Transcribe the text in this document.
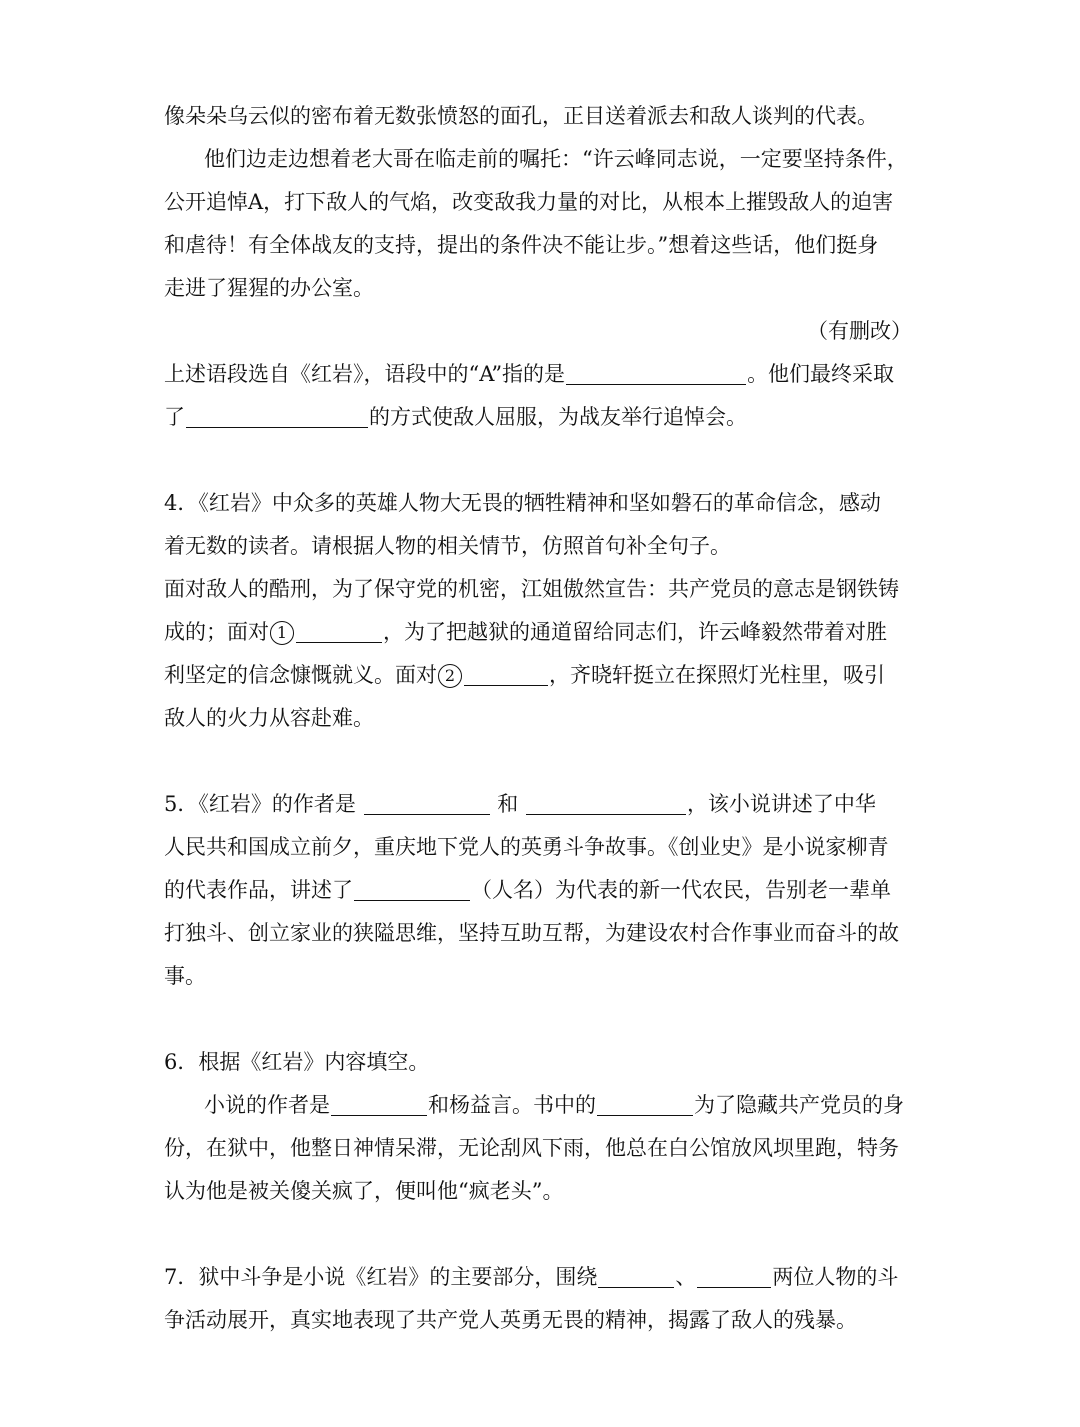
像朵朵乌云似的密布着无数张愤怒的面孔，正目送着派去和敌人谈判的代表。
他们边走边想着老大哥在临走前的嘱托：“许云峰同志说，一定要坚持条件，
公开追悼A，打下敌人的气焰，改变敌我力量的对比，从根本上摧毁敌人的迫害
和虐待！有全体战友的支持，提出的条件决不能让步。”想着这些话，他们挺身
走进了猩猩的办公室。
（有删改）
上述语段选自《红岩》，语段中的“A”指的是	。他们最终采取
了	的方式使敌人屈服，为战友举行追悼会。
4．《红岩》中众多的英雄人物大无畏的牺牲精神和坚如磐石的革命信念，感动
着无数的读者。请根据人物的相关情节，仿照首句补全句子。
面对敌人的酷刑，为了保守党的机密，江姐傲然宣告：共产党员的意志是钢铁铸
成的；面对 1	，为了把越狱的通道留给同志们，许云峰毅然带着对胜
利坚定的信念慷慨就义。面对 2	，齐晓轩挺立在探照灯光柱里，吸引
敌人的火力从容赴难。
5．《红岩》的作者是	和	，该小说讲述了中华
人民共和国成立前夕，重庆地下党人的英勇斗争故事。《创业史》是小说家柳青
的代表作品，讲述了	（人名）为代表的新一代农民，告别老一辈单
打独斗、创立家业的狭隘思维，坚持互助互帮，为建设农村合作事业而奋斗的故
事。
6．根据《红岩》内容填空。
小说的作者是	和杨益言。书中的	为了隐藏共产党员的身
份，在狱中，他整日神情呆滞，无论刮风下雨，他总在白公馆放风坝里跑，特务
认为他是被关傻关疯了，便叫他“疯老头”。
7．狱中斗争是小说《红岩》的主要部分，围绕	、	两位人物的斗
争活动展开，真实地表现了共产党人英勇无畏的精神，揭露了敌人的残暴。
